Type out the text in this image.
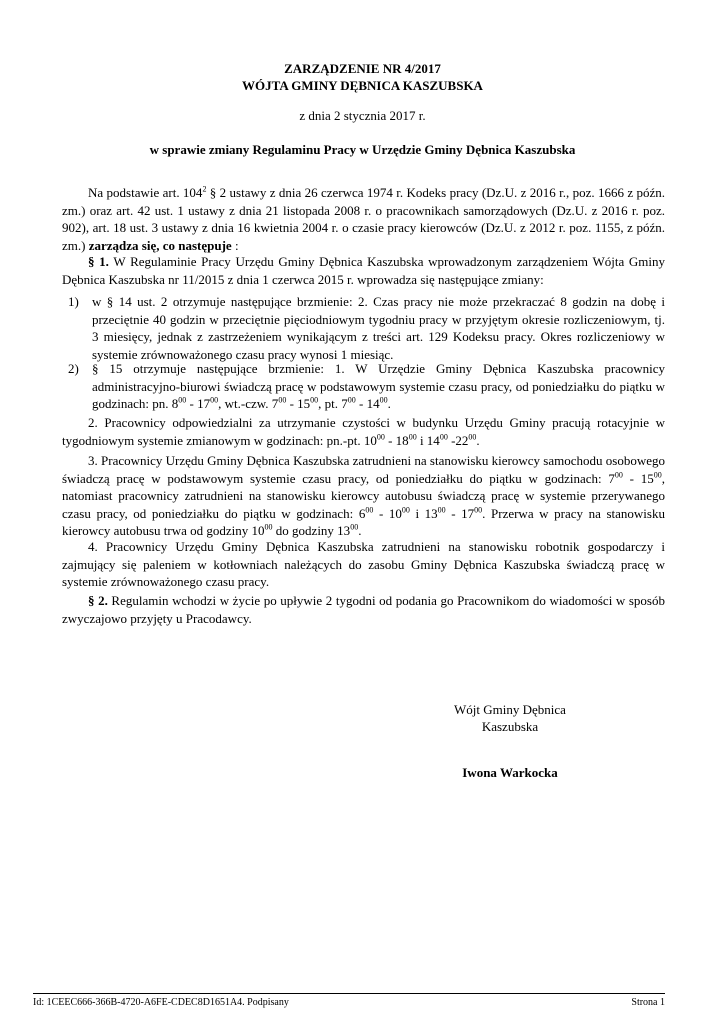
ZARZĄDZENIE NR 4/2017
WÓJTA GMINY DĘBNICA KASZUBSKA
z dnia 2 stycznia 2017 r.
w sprawie zmiany Regulaminu Pracy w Urzędzie Gminy Dębnica Kaszubska
Na podstawie art. $104^2$ § 2 ustawy z dnia 26 czerwca 1974 r. Kodeks pracy (Dz.U. z 2016 r., poz. 1666 z późn. zm.) oraz art. 42 ust. 1 ustawy z dnia 21 listopada 2008 r. o pracownikach samorządowych (Dz.U. z 2016 r. poz. 902), art. 18 ust. 3 ustawy z dnia 16 kwietnia 2004 r. o czasie pracy kierowców (Dz.U. z 2012 r. poz. 1155, z późn. zm.) zarządza się, co następuje :
§ 1. W Regulaminie Pracy Urzędu Gminy Dębnica Kaszubska wprowadzonym zarządzeniem Wójta Gminy Dębnica Kaszubska nr 11/2015 z dnia 1 czerwca 2015 r. wprowadza się następujące zmiany:
1) w § 14 ust. 2 otrzymuje następujące brzmienie: 2. Czas pracy nie może przekraczać 8 godzin na dobę i przeciętnie 40 godzin w przeciętnie pięciodniowym tygodniu pracy w przyjętym okresie rozliczeniowym, tj. 3 miesięcy, jednak z zastrzeżeniem wynikającym z treści art. 129 Kodeksu pracy. Okres rozliczeniowy w systemie zrównoważonego czasu pracy wynosi 1 miesiąc.
2) § 15 otrzymuje następujące brzmienie: 1. W Urzędzie Gminy Dębnica Kaszubska pracownicy administracyjno-biurowi świadczą pracę w podstawowym systemie czasu pracy, od poniedziałku do piątku w godzinach: pn. $8^{00} - 17^{00}$, wt.-czw. $7^{00} - 15^{00}$, pt. $7^{00} - 14^{00}$.
2. Pracownicy odpowiedzialni za utrzymanie czystości w budynku Urzędu Gminy pracują rotacyjnie w tygodniowym systemie zmianowym w godzinach: pn.-pt. $10^{00} - 18^{00}$ i $14^{00}$ $-22^{00}$.
3. Pracownicy Urzędu Gminy Dębnica Kaszubska zatrudnieni na stanowisku kierowcy samochodu osobowego świadczą pracę w podstawowym systemie czasu pracy, od poniedziałku do piątku w godzinach: $7^{00} - 15^{00}$, natomiast pracownicy zatrudnieni na stanowisku kierowcy autobusu świadczą pracę w systemie przerywanego czasu pracy, od poniedziałku do piątku w godzinach: $6^{00} - 10^{00}$ i $13^{00} - 17^{00}$. Przerwa w pracy na stanowisku kierowcy autobusu trwa od godziny $10^{00}$ do godziny $13^{00}$.
4. Pracownicy Urzędu Gminy Dębnica Kaszubska zatrudnieni na stanowisku robotnik gospodarczy i zajmujący się paleniem w kotłowniach należących do zasobu Gminy Dębnica Kaszubska świadczą pracę w systemie zrównoważonego czasu pracy.
§ 2. Regulamin wchodzi w życie po upływie 2 tygodni od podania go Pracownikom do wiadomości w sposób zwyczajowo przyjęty u Pracodawcy.
Wójt Gminy Dębnica
Kaszubska
Iwona Warkocka
Id: 1CEEC666-366B-4720-A6FE-CDEC8D1651A4. Podpisany	Strona 1
